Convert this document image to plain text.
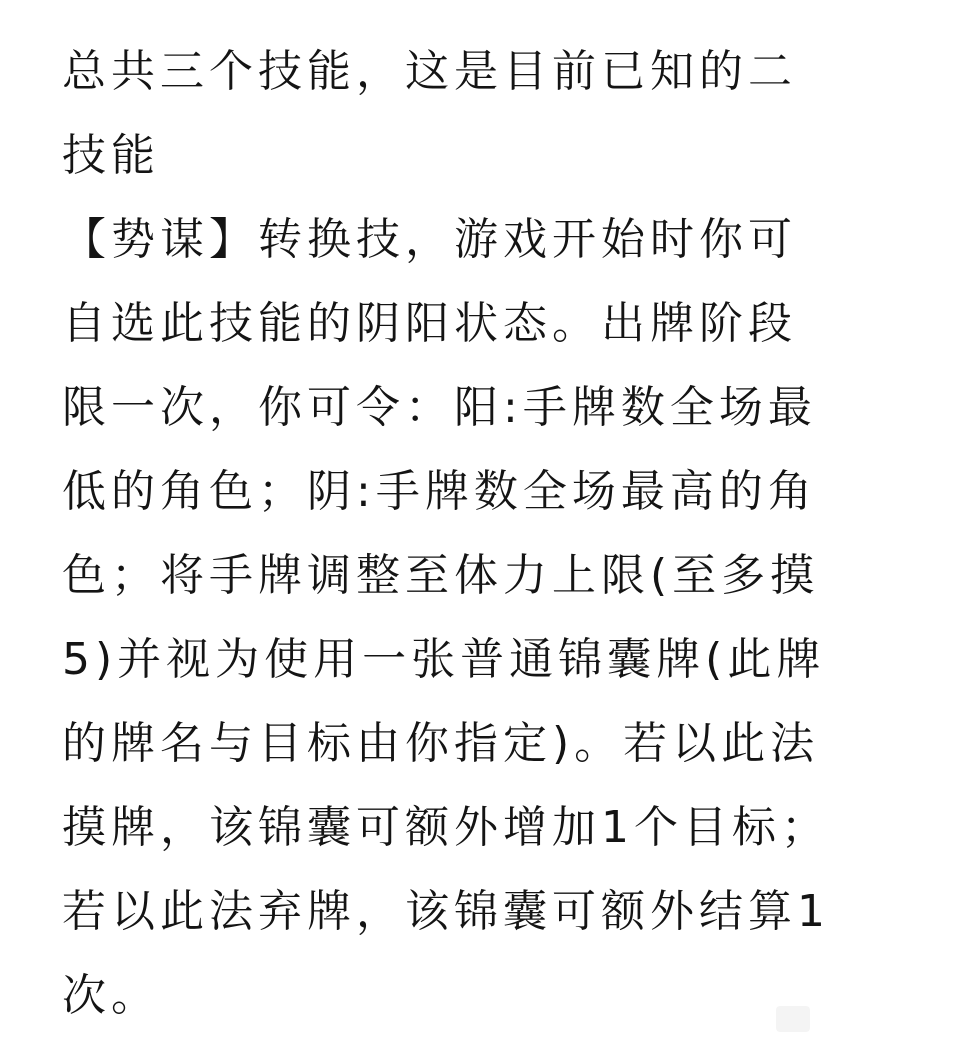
总共三个技能，这是目前已知的二

技能

【势谋】转换技，游戏开始时你可

自选此技能的阴阳状态。出牌阶段

限一次，你可令：阳:手牌数全场最

低的角色；阴:手牌数全场最高的角

色；将手牌调整至体力上限(至多摸

5)并视为使用一张普通锦囊牌(此牌

的牌名与目标由你指定)。若以此法

摸牌，该锦囊可额外增加1个目标；

若以此法弃牌，该锦囊可额外结算1

次。
